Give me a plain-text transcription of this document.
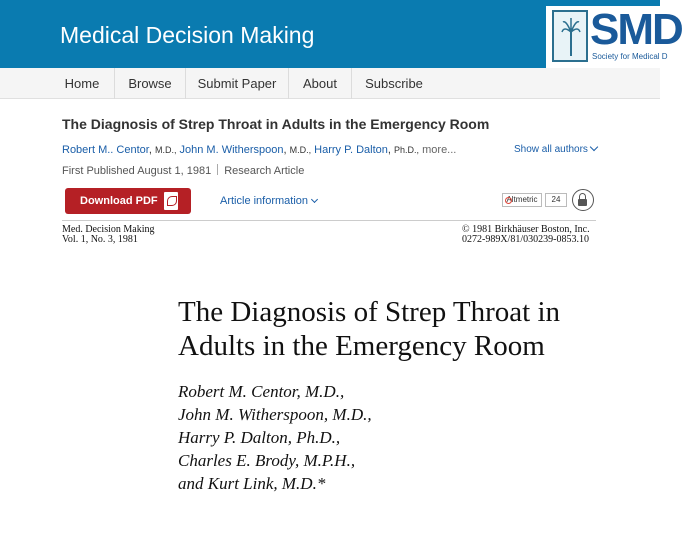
Medical Decision Making	SMD
Society for Medical D
Home	Browse	Submit Paper	About	Subscribe
The Diagnosis of Strep Throat in Adults in the Emergency Room
Robert M.. Centor, M.D., John M. Witherspoon, M.D., Harry P. Dalton, Ph.D., more...	Show all authors
First Published August 1, 1981 Research Article
Download PDF	Article information	Altmetric	24
Med. Decision Making
Vol. 1, No. 3, 1981
© 1981 Birkhäuser Boston, Inc.
0272-989X/81/030239-0853.10
The Diagnosis of Strep Throat in
Adults in the Emergency Room
Robert M. Centor, M.D.,
John M. Witherspoon, M.D.,
Harry P. Dalton, Ph.D.,
Charles E. Brody, M.P.H.,
and Kurt Link, M.D.*
